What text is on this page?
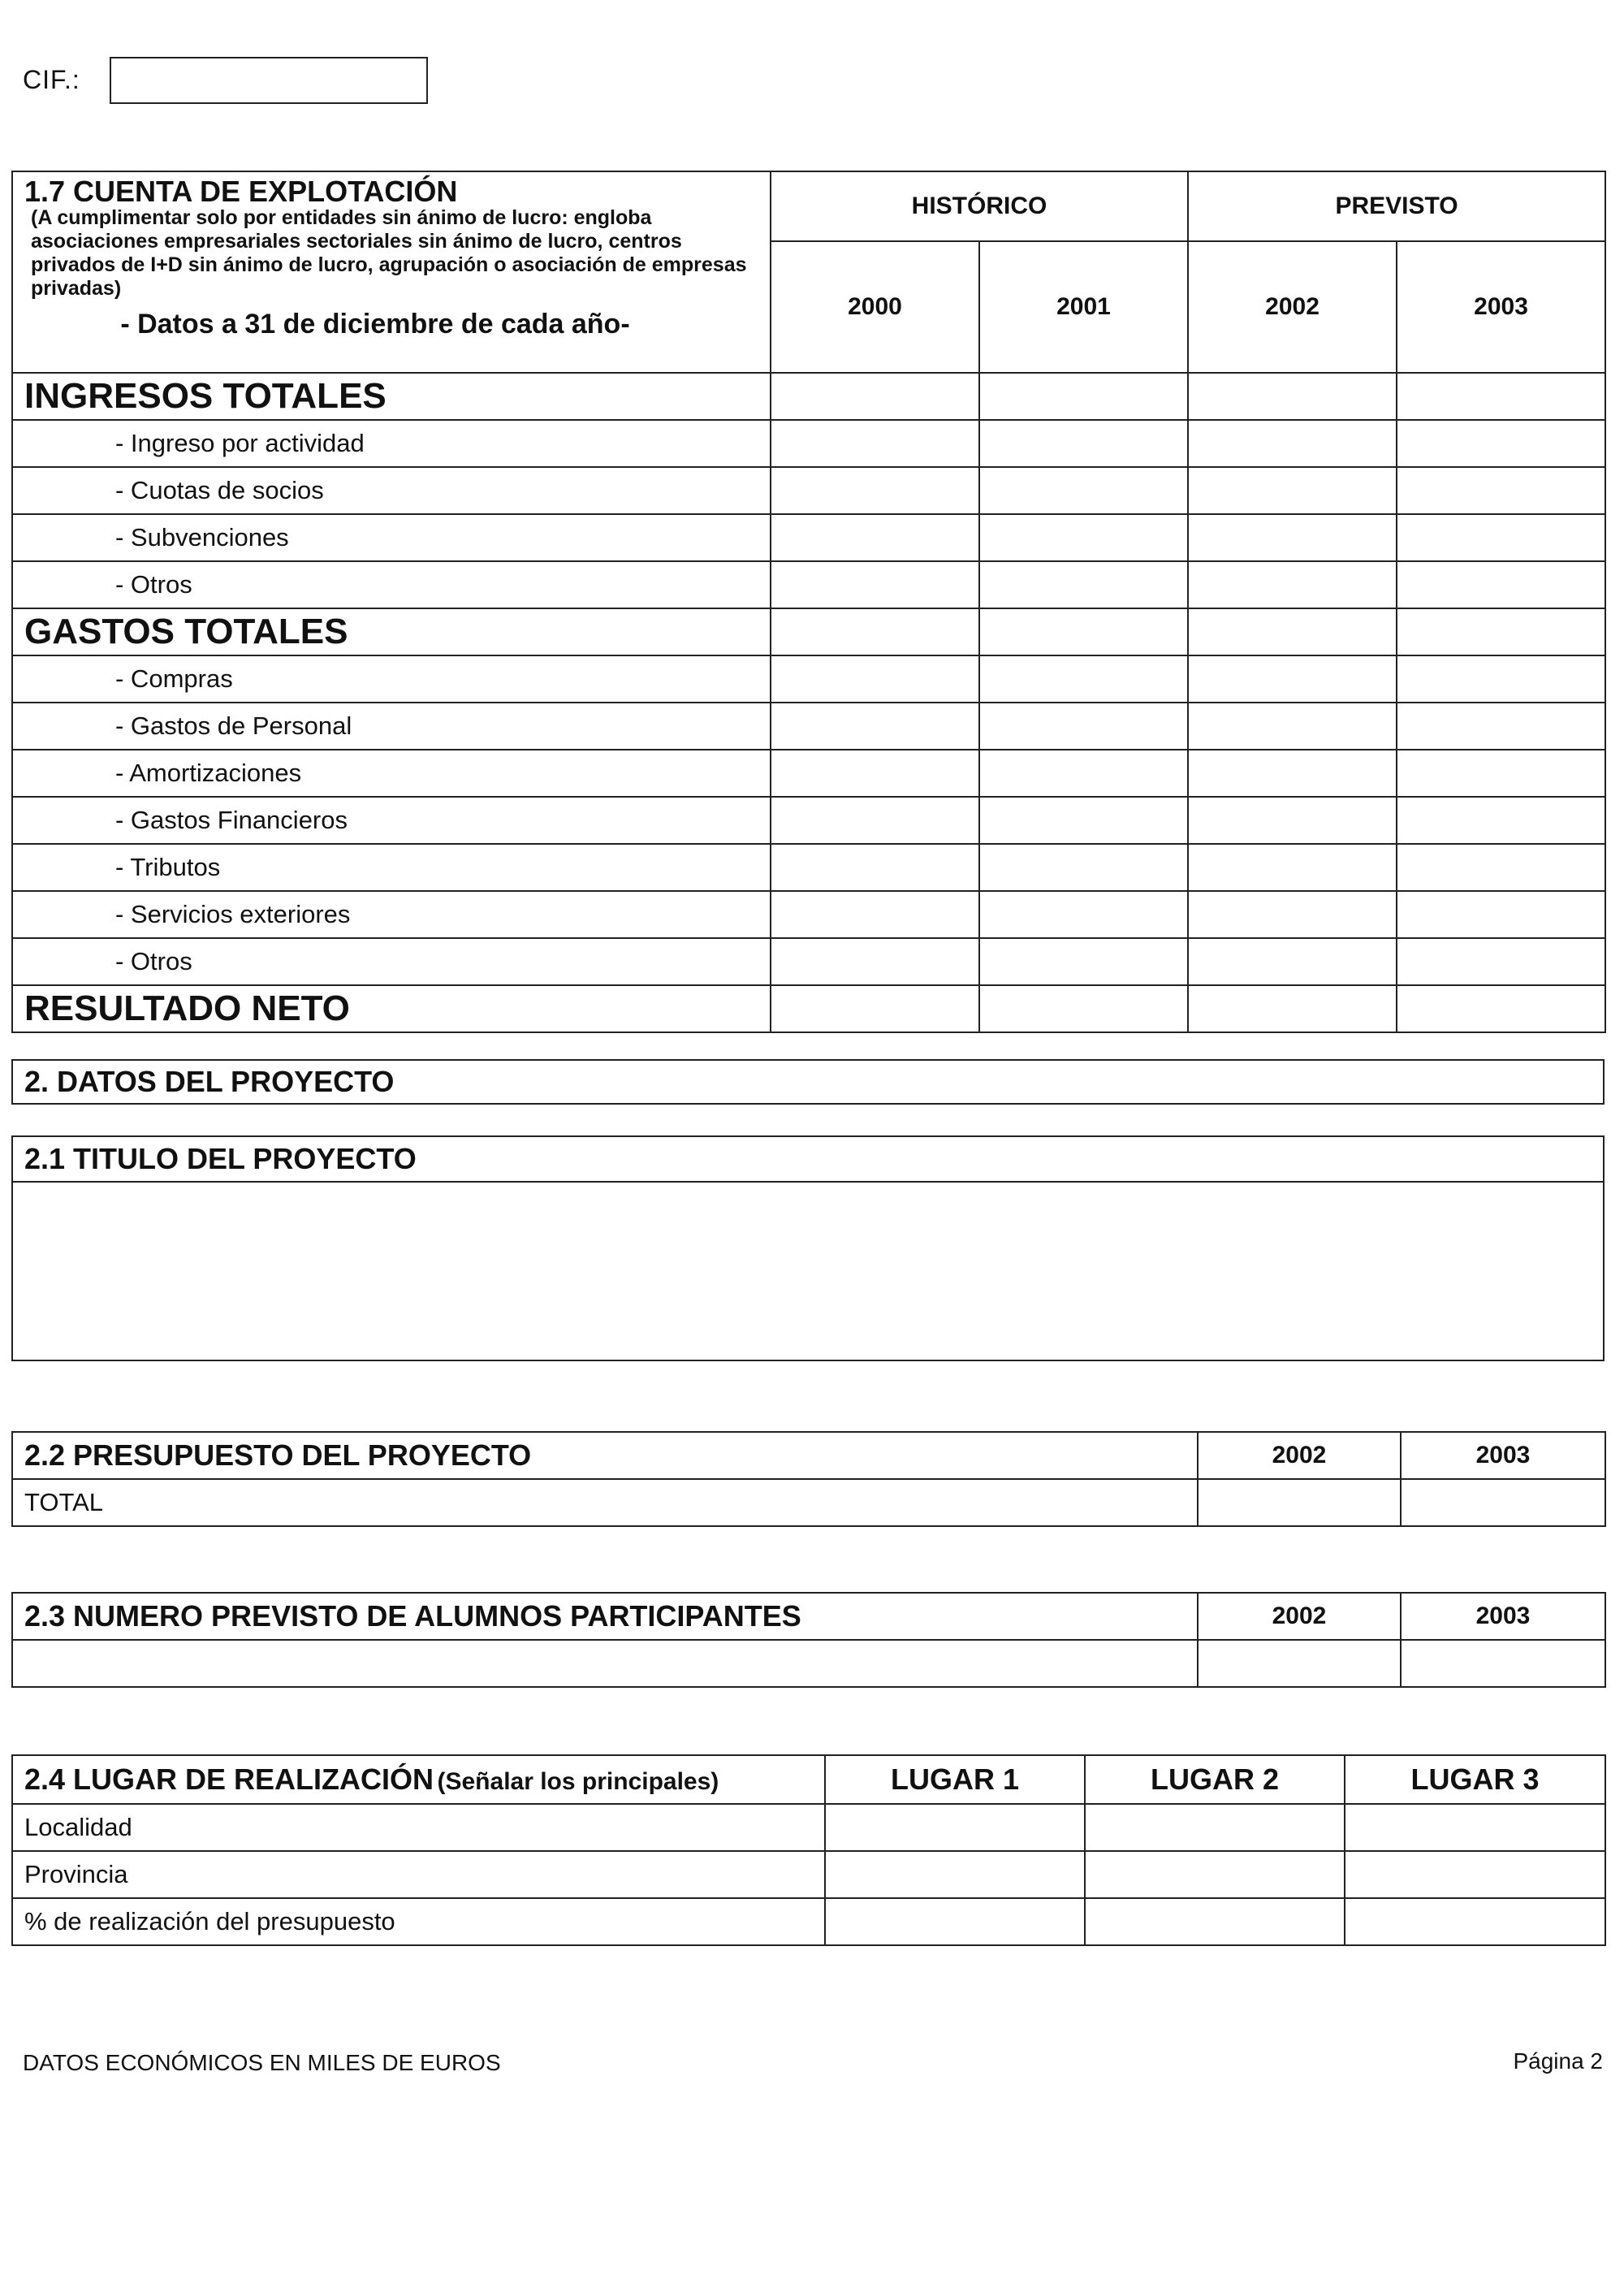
CIF.:
1.7 CUENTA DE EXPLOTACIÓN
(A cumplimentar solo por entidades sin ánimo de lucro: engloba asociaciones empresariales sectoriales sin ánimo de lucro, centros privados de I+D sin ánimo de lucro, agrupación o asociación de empresas privadas)
- Datos a 31 de diciembre de cada año-	HISTÓRICO		PREVISTO	
	2000	2001	2002	2003
INGRESOS TOTALES				
- Ingreso por actividad				
- Cuotas de socios				
- Subvenciones				
- Otros				
GASTOS TOTALES				
- Compras				
- Gastos de Personal				
- Amortizaciones				
- Gastos Financieros				
- Tributos				
- Servicios exteriores				
- Otros				
RESULTADO NETO				
2. DATOS DEL PROYECTO
2.1 TITULO DEL PROYECTO

2.2 PRESUPUESTO DEL PROYECTO	2002	2003
TOTAL		
2.3 NUMERO PREVISTO DE ALUMNOS PARTICIPANTES	2002	2003

2.4 LUGAR DE REALIZACIÓN (Señalar los principales)	LUGAR 1	LUGAR 2	LUGAR 3
Localidad			
Provincia			
% de realización del presupuesto			
DATOS ECONÓMICOS EN MILES DE EUROS	Página 2
